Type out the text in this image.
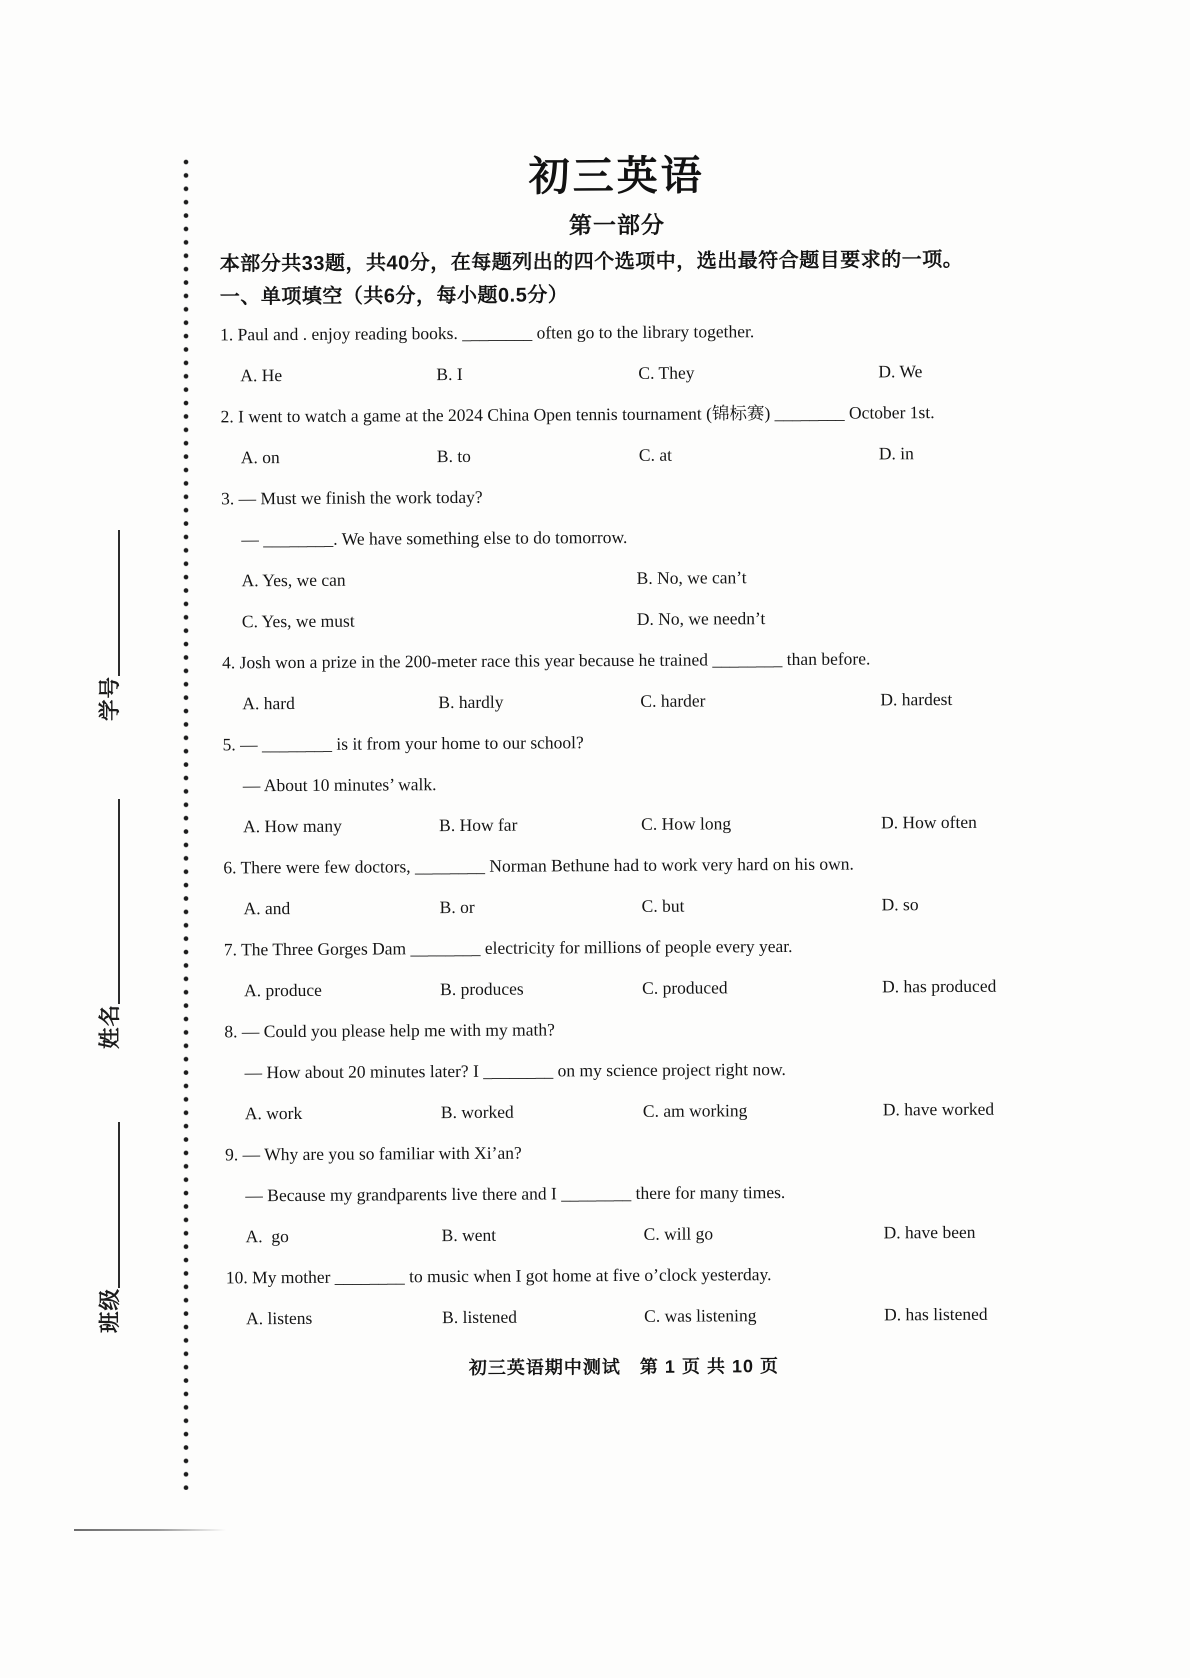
学号
姓名
班级
初三英语
第一部分
本部分共33题，共40分，在每题列出的四个选项中，选出最符合题目要求的一项。
一、单项填空（共6分，每小题0.5分）
1. Paul and . enjoy reading books. ________ often go to the library together.
A. He	B. I	C. They	D. We
2. I went to watch a game at the 2024 China Open tennis tournament (锦标赛) ________ October 1st.
A. on	B. to	C. at	D. in
3. — Must we finish the work today?
— ________. We have something else to do tomorrow.
A. Yes, we can	B. No, we can’t
C. Yes, we must	D. No, we needn’t
4. Josh won a prize in the 200-meter race this year because he trained ________ than before.
A. hard	B. hardly	C. harder	D. hardest
5. — ________ is it from your home to our school?
— About 10 minutes’ walk.
A. How many	B. How far	C. How long	D. How often
6. There were few doctors, ________ Norman Bethune had to work very hard on his own.
A. and	B. or	C. but	D. so
7. The Three Gorges Dam ________ electricity for millions of people every year.
A. produce	B. produces	C. produced	D. has produced
8. — Could you please help me with my math?
— How about 20 minutes later? I ________ on my science project right now.
A. work	B. worked	C. am working	D. have worked
9. — Why are you so familiar with Xi’an?
— Because my grandparents live there and I ________ there for many times.
A.  go	B. went	C. will go	D. have been
10. My mother ________ to music when I got home at five o’clock yesterday.
A. listens	B. listened	C. was listening	D. has listened
初三英语期中测试　第 1 页 共 10 页
